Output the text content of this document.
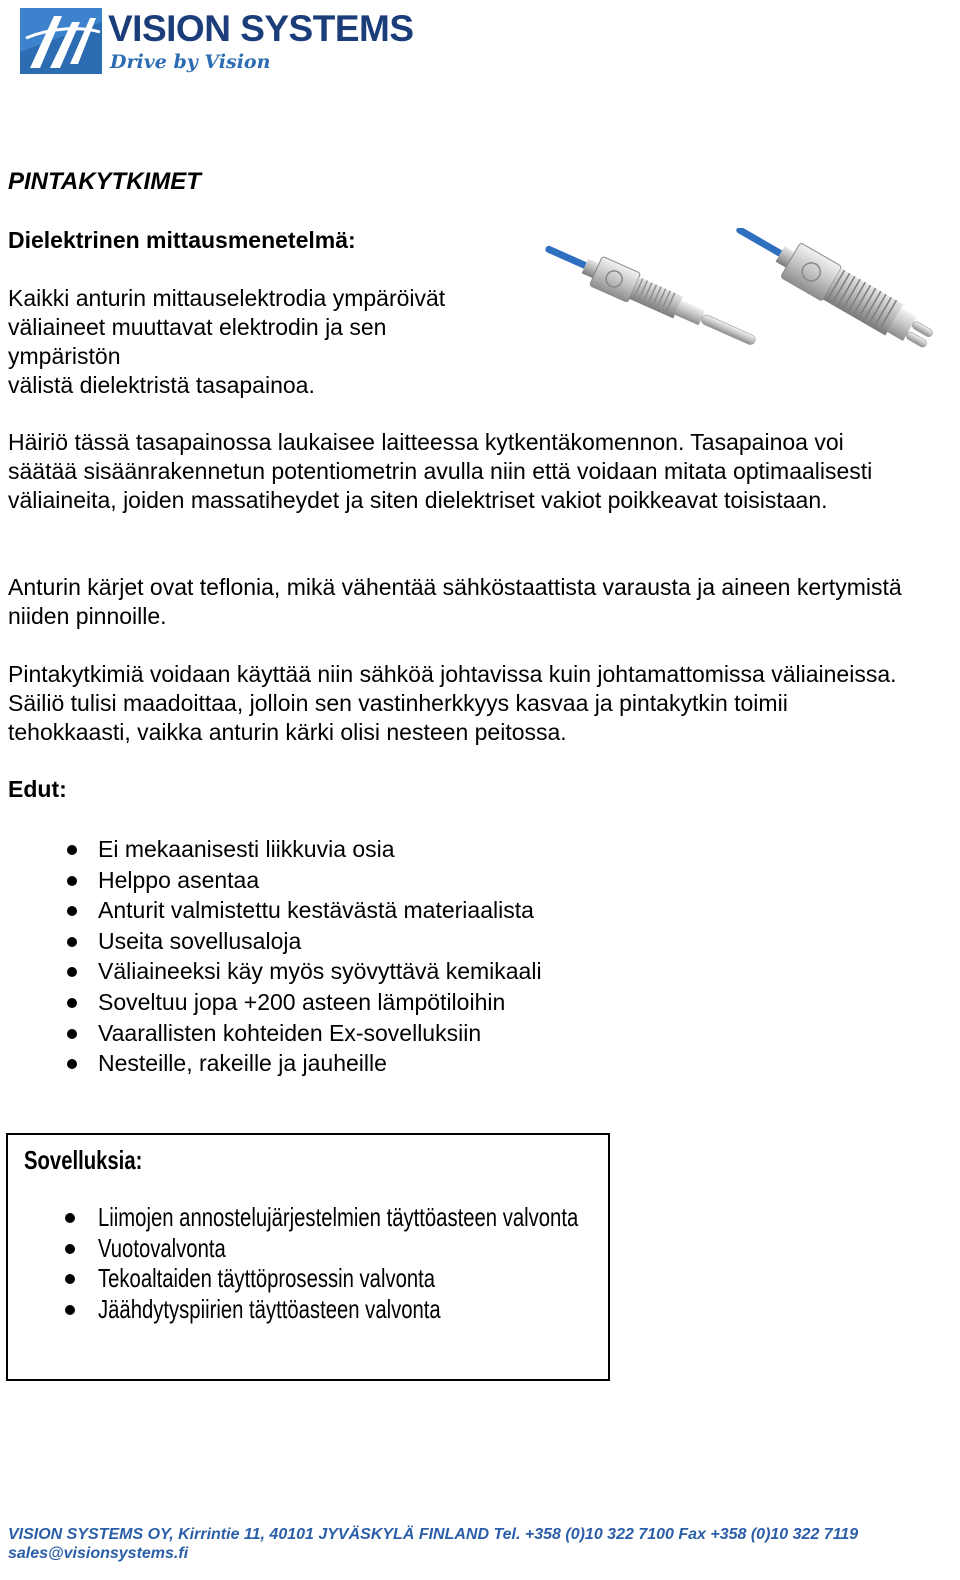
VISION SYSTEMS
Drive by Vision
PINTAKYTKIMET
Dielektrinen mittausmenetelmä:
Kaikki anturin mittauselektrodia ympäröivät
väliaineet muuttavat elektrodin ja sen
ympäristön
välistä dielektristä tasapainoa.
Häiriö tässä tasapainossa laukaisee laitteessa kytkentäkomennon. Tasapainoa voi säätää sisäänrakennetun potentiometrin avulla niin että voidaan mitata optimaalisesti väliaineita, joiden massatiheydet ja siten dielektriset vakiot poikkeavat toisistaan.
Anturin kärjet ovat teflonia, mikä vähentää sähköstaattista varausta ja aineen kertymistä niiden pinnoille.
Pintakytkimiä voidaan käyttää niin sähköä johtavissa kuin johtamattomissa väliaineissa. Säiliö tulisi maadoittaa, jolloin sen vastinherkkyys kasvaa ja pintakytkin toimii tehokkaasti, vaikka anturin kärki olisi nesteen peitossa.
Edut:
Ei mekaanisesti liikkuvia osia
Helppo asentaa
Anturit valmistettu kestävästä materiaalista
Useita sovellusaloja
Väliaineeksi käy myös syövyttävä kemikaali
Soveltuu jopa +200 asteen lämpötiloihin
Vaarallisten kohteiden Ex-sovelluksiin
Nesteille, rakeille ja jauheille
Sovelluksia:
Liimojen annostelujärjestelmien täyttöasteen valvonta
Vuotovalvonta
Tekoaltaiden täyttöprosessin valvonta
Jäähdytyspiirien täyttöasteen valvonta
VISION SYSTEMS OY, Kirrintie 11, 40101 JYVÄSKYLÄ FINLAND Tel. +358 (0)10 322 7100 Fax +358 (0)10 322 7119
sales@visionsystems.fi
